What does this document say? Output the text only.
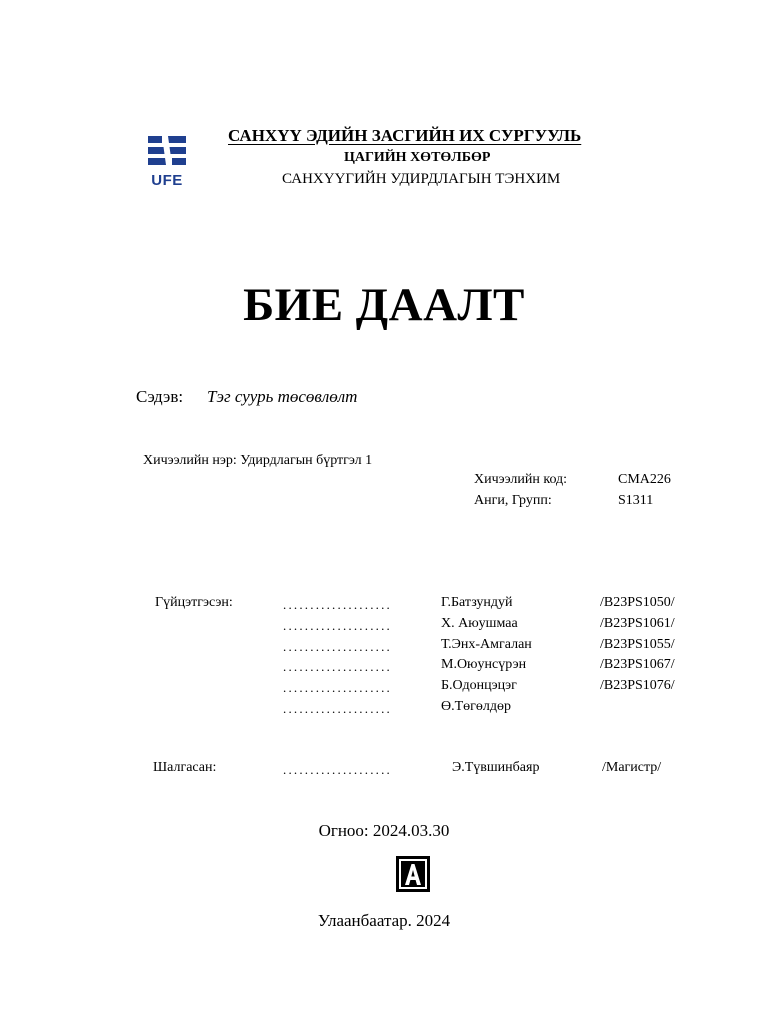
UFE
САНХҮҮ ЭДИЙН ЗАСГИЙН ИХ СУРГУУЛЬ
ЦАГИЙН ХӨТӨЛБӨР
САНХҮҮГИЙН УДИРДЛАГЫН ТЭНХИМ
БИЕ ДААЛТ
Сэдэв: Тэг суурь төсөвлөлт
Хичээлийн нэр: Удирдлагын бүртгэл 1
Хичээлийн код:	CMA226
Анги, Групп:	S1311
Гүйцэтгэсэн:	....................	Г.Батзундуй	/B23PS1050/
....................	Х. Аюушмаа	/B23PS1061/
....................	Т.Энх-Амгалан	/B23PS1055/
....................	М.Оюунсүрэн	/B23PS1067/
....................	Б.Одонцэцэг	/B23PS1076/
....................	Ө.Төгөлдөр
Шалгасан:	....................	Э.Түвшинбаяр	/Магистр/
Огноо: 2024.03.30
Улаанбаатар. 2024
